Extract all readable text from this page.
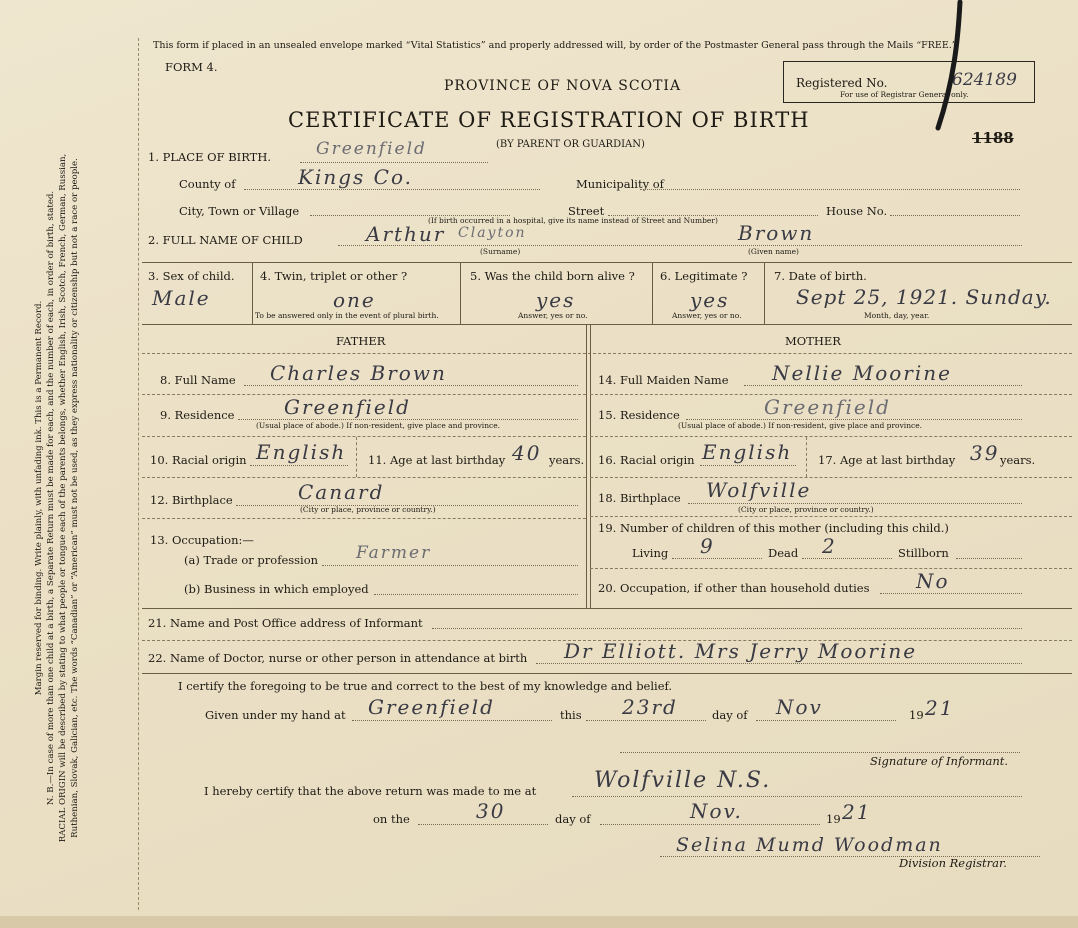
Margin reserved for binding. Write plainly, with unfading ink. This is a Permanent Record. N. B.—In case of more than one child at a birth, a Separate Return must be made for each, and the number of each, in order of birth, stated. RACIAL ORIGIN will be described by stating to what people or tongue each of the parents belongs, whether English, Irish, Scotch, French, German, Russian, Ruthenian, Slovak, Galician, etc. The words “Canadian” or “American” must not be used, as they express nationality or citizenship but not a race or people.
This form if placed in an unsealed envelope marked “Vital Statistics” and properly addressed will, by order of the Postmaster General pass through the Mails “FREE.”
FORM 4.
PROVINCE OF NOVA SCOTIA
CERTIFICATE OF REGISTRATION OF BIRTH
(BY PARENT OR GUARDIAN)
Registered No.	624189
For use of Registrar General only.
1188
1. PLACE OF BIRTH.	Greenfield
County of	Kings Co.	Municipality of
City, Town or Village	Street	House No.
(If birth occurred in a hospital, give its name instead of Street and Number)
2. FULL NAME OF CHILD	Arthur Clayton	Brown
(Surname)	(Given name)
3. Sex of child.
Male
4. Twin, triplet or other ?
one
To be answered only in the event of plural birth.
5. Was the child born alive ?
yes
Answer, yes or no.
6. Legitimate ?
yes
Answer, yes or no.
7. Date of birth.
Sept 25, 1921. Sunday.
Month, day, year.
FATHER	MOTHER
8. Full Name Charles Brown
9. Residence Greenfield
(Usual place of abode.) If non-resident, give place and province.
10. Racial origin English 11. Age at last birthday 40 years.
12. Birthplace	Canard
(City or place, province or country.)
13. Occupation:—
(a) Trade or profession Farmer
(b) Business in which employed
14. Full Maiden Name Nellie Moorine
15. Residence	Greenfield
(Usual place of abode.) If non-resident, give place and province.
16. Racial origin English 17. Age at last birthday 39 years.
18. Birthplace Wolfville
(City or place, province or country.)
19. Number of children of this mother (including this child.)
Living 9	Dead 2	Stillborn
20. Occupation, if other than household duties No
21. Name and Post Office address of Informant
22. Name of Doctor, nurse or other person in attendance at birth Dr Elliott. Mrs Jerry Moorine
I certify the foregoing to be true and correct to the best of my knowledge and belief.
Given under my hand at Greenfield	this 23rd	day of Nov	19 21
Signature of Informant.
I hereby certify that the above return was made to me at	Wolfville N.S.
on the	30	day of	Nov.	19 21
Selina Mumd Woodman
Division Registrar.
